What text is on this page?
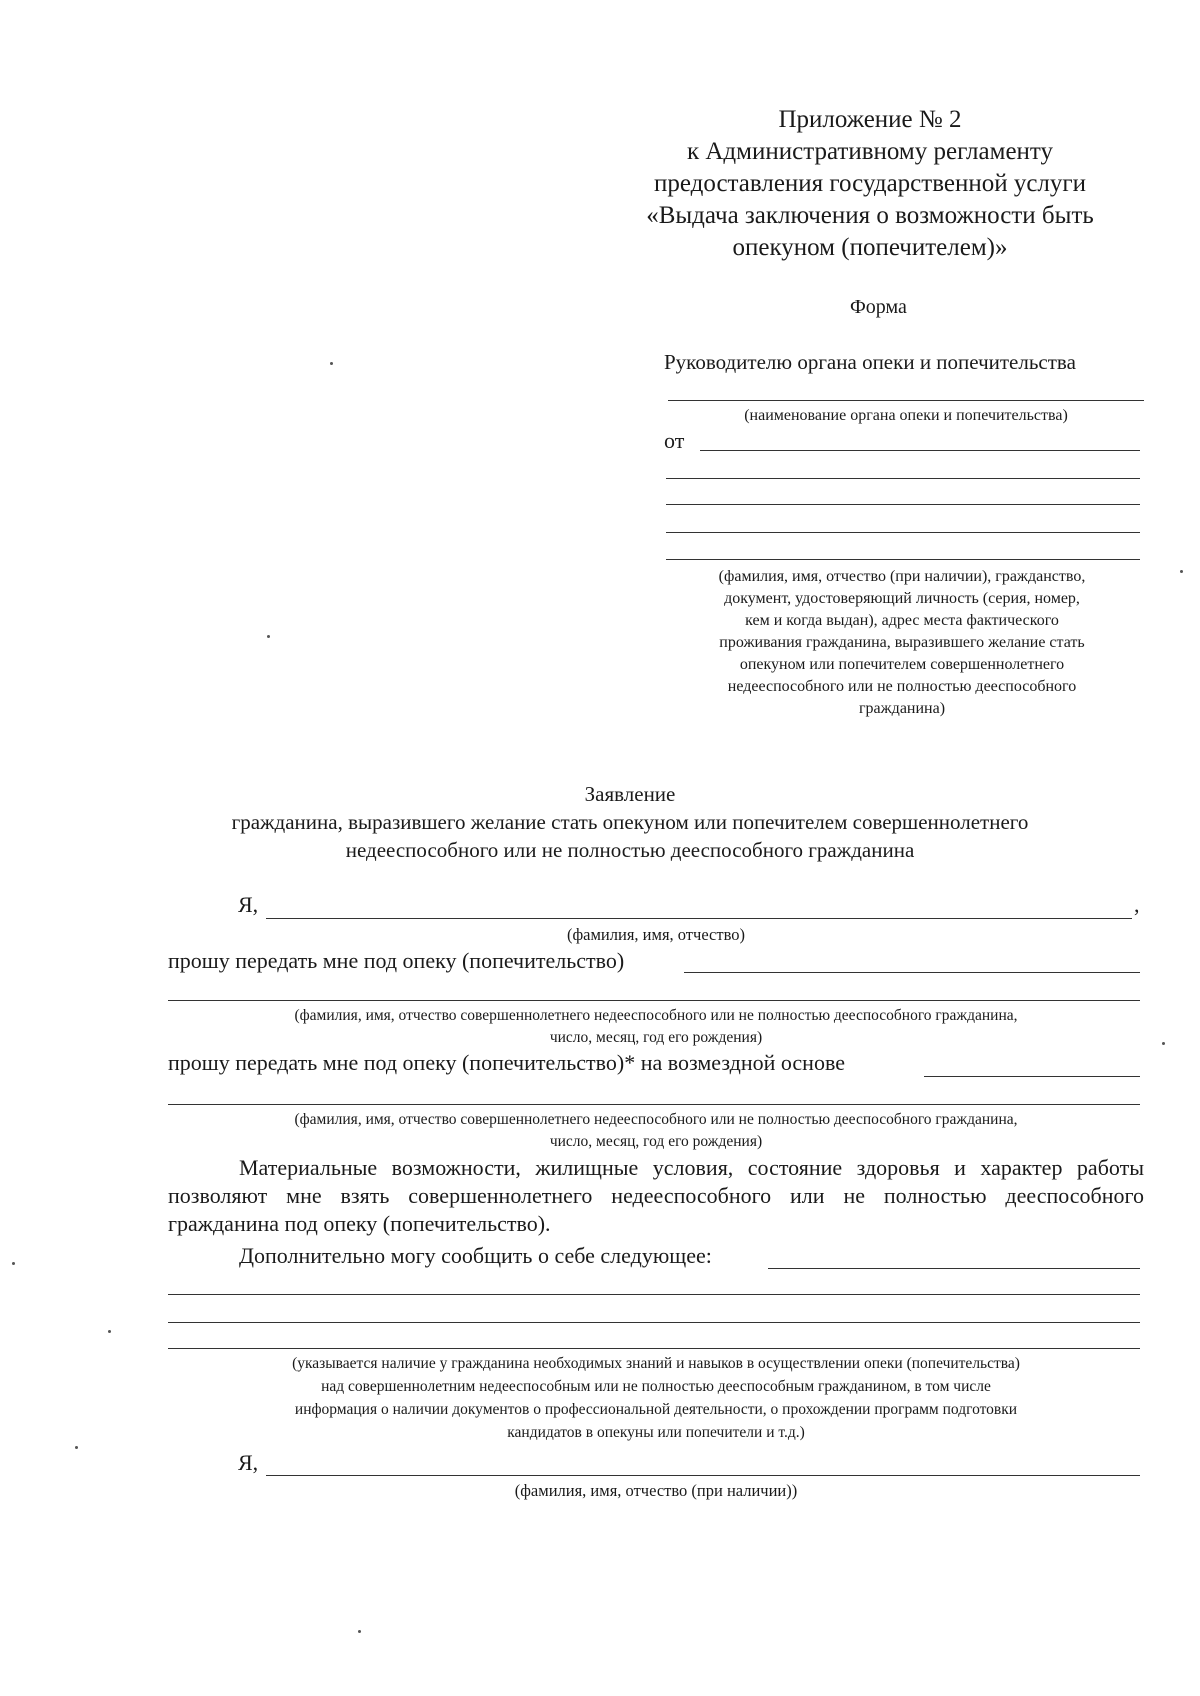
Приложение № 2
к Административному регламенту
предоставления государственной услуги
«Выдача заключения о возможности быть
опекуном (попечителем)»
Форма
Руководителю органа опеки и попечительства
(наименование органа опеки и попечительства)
от
(фамилия, имя, отчество (при наличии), гражданство,
документ, удостоверяющий личность (серия, номер,
кем и когда выдан), адрес места фактического
проживания гражданина, выразившего желание стать
опекуном или попечителем совершеннолетнего
недееспособного или не полностью дееспособного
гражданина)
Заявление
гражданина, выразившего желание стать опекуном или попечителем совершеннолетнего
недееспособного или не полностью дееспособного гражданина
Я,	,
(фамилия, имя, отчество)
прошу передать мне под опеку (попечительство)
(фамилия, имя, отчество совершеннолетнего недееспособного или не полностью дееспособного гражданина,
число, месяц, год его рождения)
прошу передать мне под опеку (попечительство)* на возмездной основе
(фамилия, имя, отчество совершеннолетнего недееспособного или не полностью дееспособного гражданина,
число, месяц, год его рождения)
Материальные возможности, жилищные условия, состояние здоровья и характер работы позволяют мне взять совершеннолетнего недееспособного или не полностью дееспособного гражданина под опеку (попечительство).
Дополнительно могу сообщить о себе следующее:
(указывается наличие у гражданина необходимых знаний и навыков в осуществлении опеки (попечительства)
над совершеннолетним недееспособным или не полностью дееспособным гражданином, в том числе
информация о наличии документов о профессиональной деятельности, о прохождении программ подготовки
кандидатов в опекуны или попечители и т.д.)
Я,
(фамилия, имя, отчество (при наличии))
